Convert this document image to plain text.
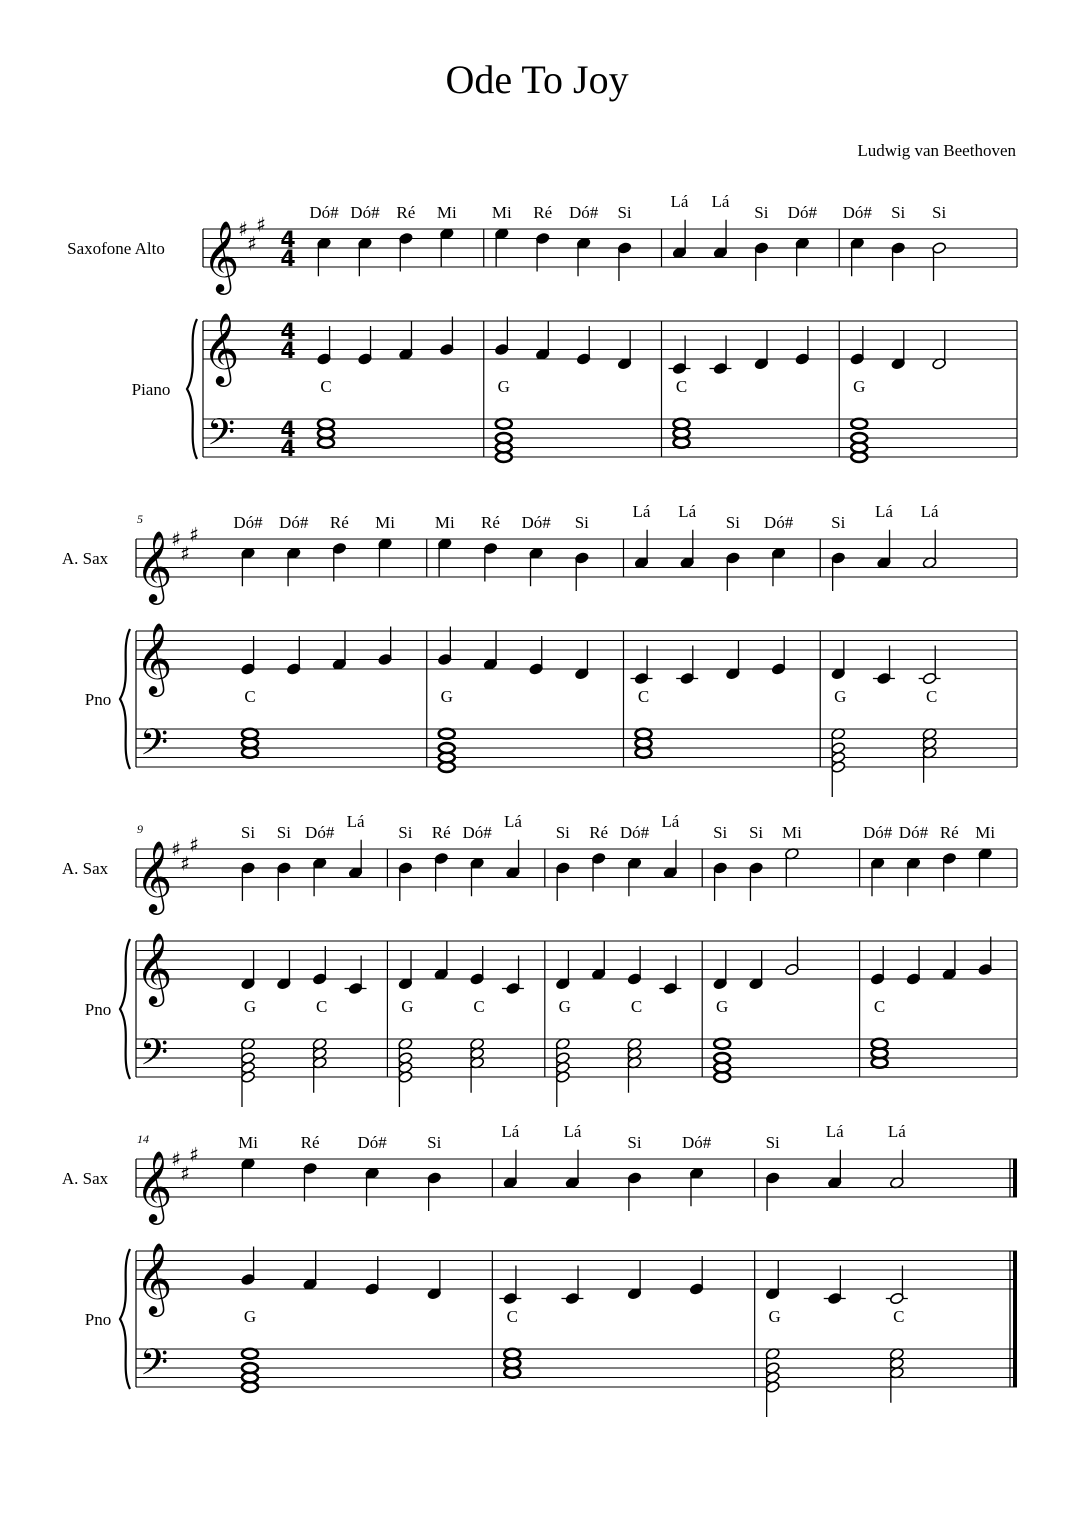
Ode To Joy
Ludwig van Beethoven
Saxofone Alto
Piano
𝄞
𝄞
𝄢
♯
♯
♯
4
4
4
4
4
4
Dó# Dó# Ré Mi
C
Mi Ré Dó# Si
G
Lá Lá
Si Dó#
C
Dó# Si Si
G
A. Sax
Pno
5
𝄞
𝄞
𝄢
♯
♯
♯ Dó# Dó# Ré Mi
C
Mi Ré Dó# Si
G
Lá Lá
Si Dó#
C
Si
Lá Lá
G	C
A. Sax
Pno
9
𝄞
𝄞
𝄢
♯
♯
♯ Si Si Dó#
Lá
G	C
Si Ré Dó#
Lá
G	C
Si Ré Dó#
Lá
G	C
Si Si Mi
G
Dó# Dó# Ré Mi
C
A. Sax
Pno
14
𝄞
𝄞
𝄢
♯
♯
♯ Mi	Ré Dó# Si
G
Lá	Lá
Si Dó#
C
Si
Lá	Lá
G	C
